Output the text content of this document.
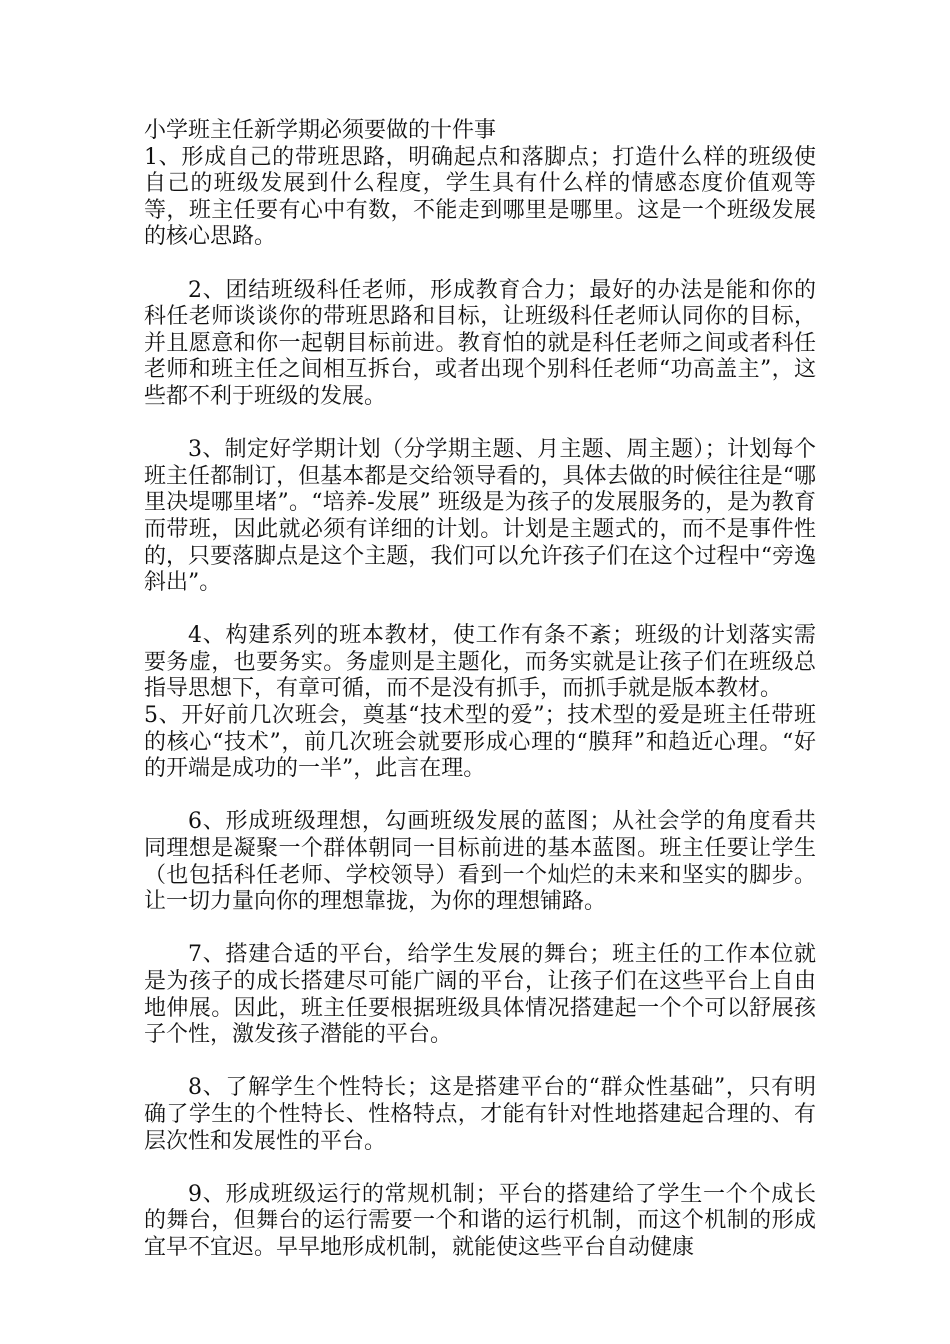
小学班主任新学期必须要做的十件事

1、形成自己的带班思路，明确起点和落脚点；打造什么样的班级使自己的班级发展到什么程度，学生具有什么样的情感态度价值观等等，班主任要有心中有数，不能走到哪里是哪里。这是一个班级发展的核心思路。

2、团结班级科任老师，形成教育合力；最好的办法是能和你的科任老师谈谈你的带班思路和目标，让班级科任老师认同你的目标，并且愿意和你一起朝目标前进。教育怕的就是科任老师之间或者科任老师和班主任之间相互拆台，或者出现个别科任老师“功高盖主”，这些都不利于班级的发展。

3、制定好学期计划（分学期主题、月主题、周主题）；计划每个班主任都制订，但基本都是交给领导看的，具体去做的时候往往是“哪里决堤哪里堵”。“培养-发展” 班级是为孩子的发展服务的，是为教育而带班，因此就必须有详细的计划。计划是主题式的，而不是事件性的，只要落脚点是这个主题，我们可以允许孩子们在这个过程中“旁逸斜出”。

4、构建系列的班本教材，使工作有条不紊；班级的计划落实需要务虚，也要务实。务虚则是主题化，而务实就是让孩子们在班级总指导思想下，有章可循，而不是没有抓手，而抓手就是版本教材。

5、开好前几次班会，奠基“技术型的爱”；技术型的爱是班主任带班的核心“技术”，前几次班会就要形成心理的“膜拜”和趋近心理。“好的开端是成功的一半”，此言在理。

6、形成班级理想，勾画班级发展的蓝图；从社会学的角度看共同理想是凝聚一个群体朝同一目标前进的基本蓝图。班主任要让学生（也包括科任老师、学校领导）看到一个灿烂的未来和坚实的脚步。让一切力量向你的理想靠拢，为你的理想铺路。

7、搭建合适的平台，给学生发展的舞台；班主任的工作本位就是为孩子的成长搭建尽可能广阔的平台，让孩子们在这些平台上自由地伸展。因此，班主任要根据班级具体情况搭建起一个个可以舒展孩子个性，激发孩子潜能的平台。

8、了解学生个性特长；这是搭建平台的“群众性基础”，只有明确了学生的个性特长、性格特点，才能有针对性地搭建起合理的、有层次性和发展性的平台。

9、形成班级运行的常规机制；平台的搭建给了学生一个个成长的舞台，但舞台的运行需要一个和谐的运行机制，而这个机制的形成宜早不宜迟。早早地形成机制，就能使这些平台自动健康
